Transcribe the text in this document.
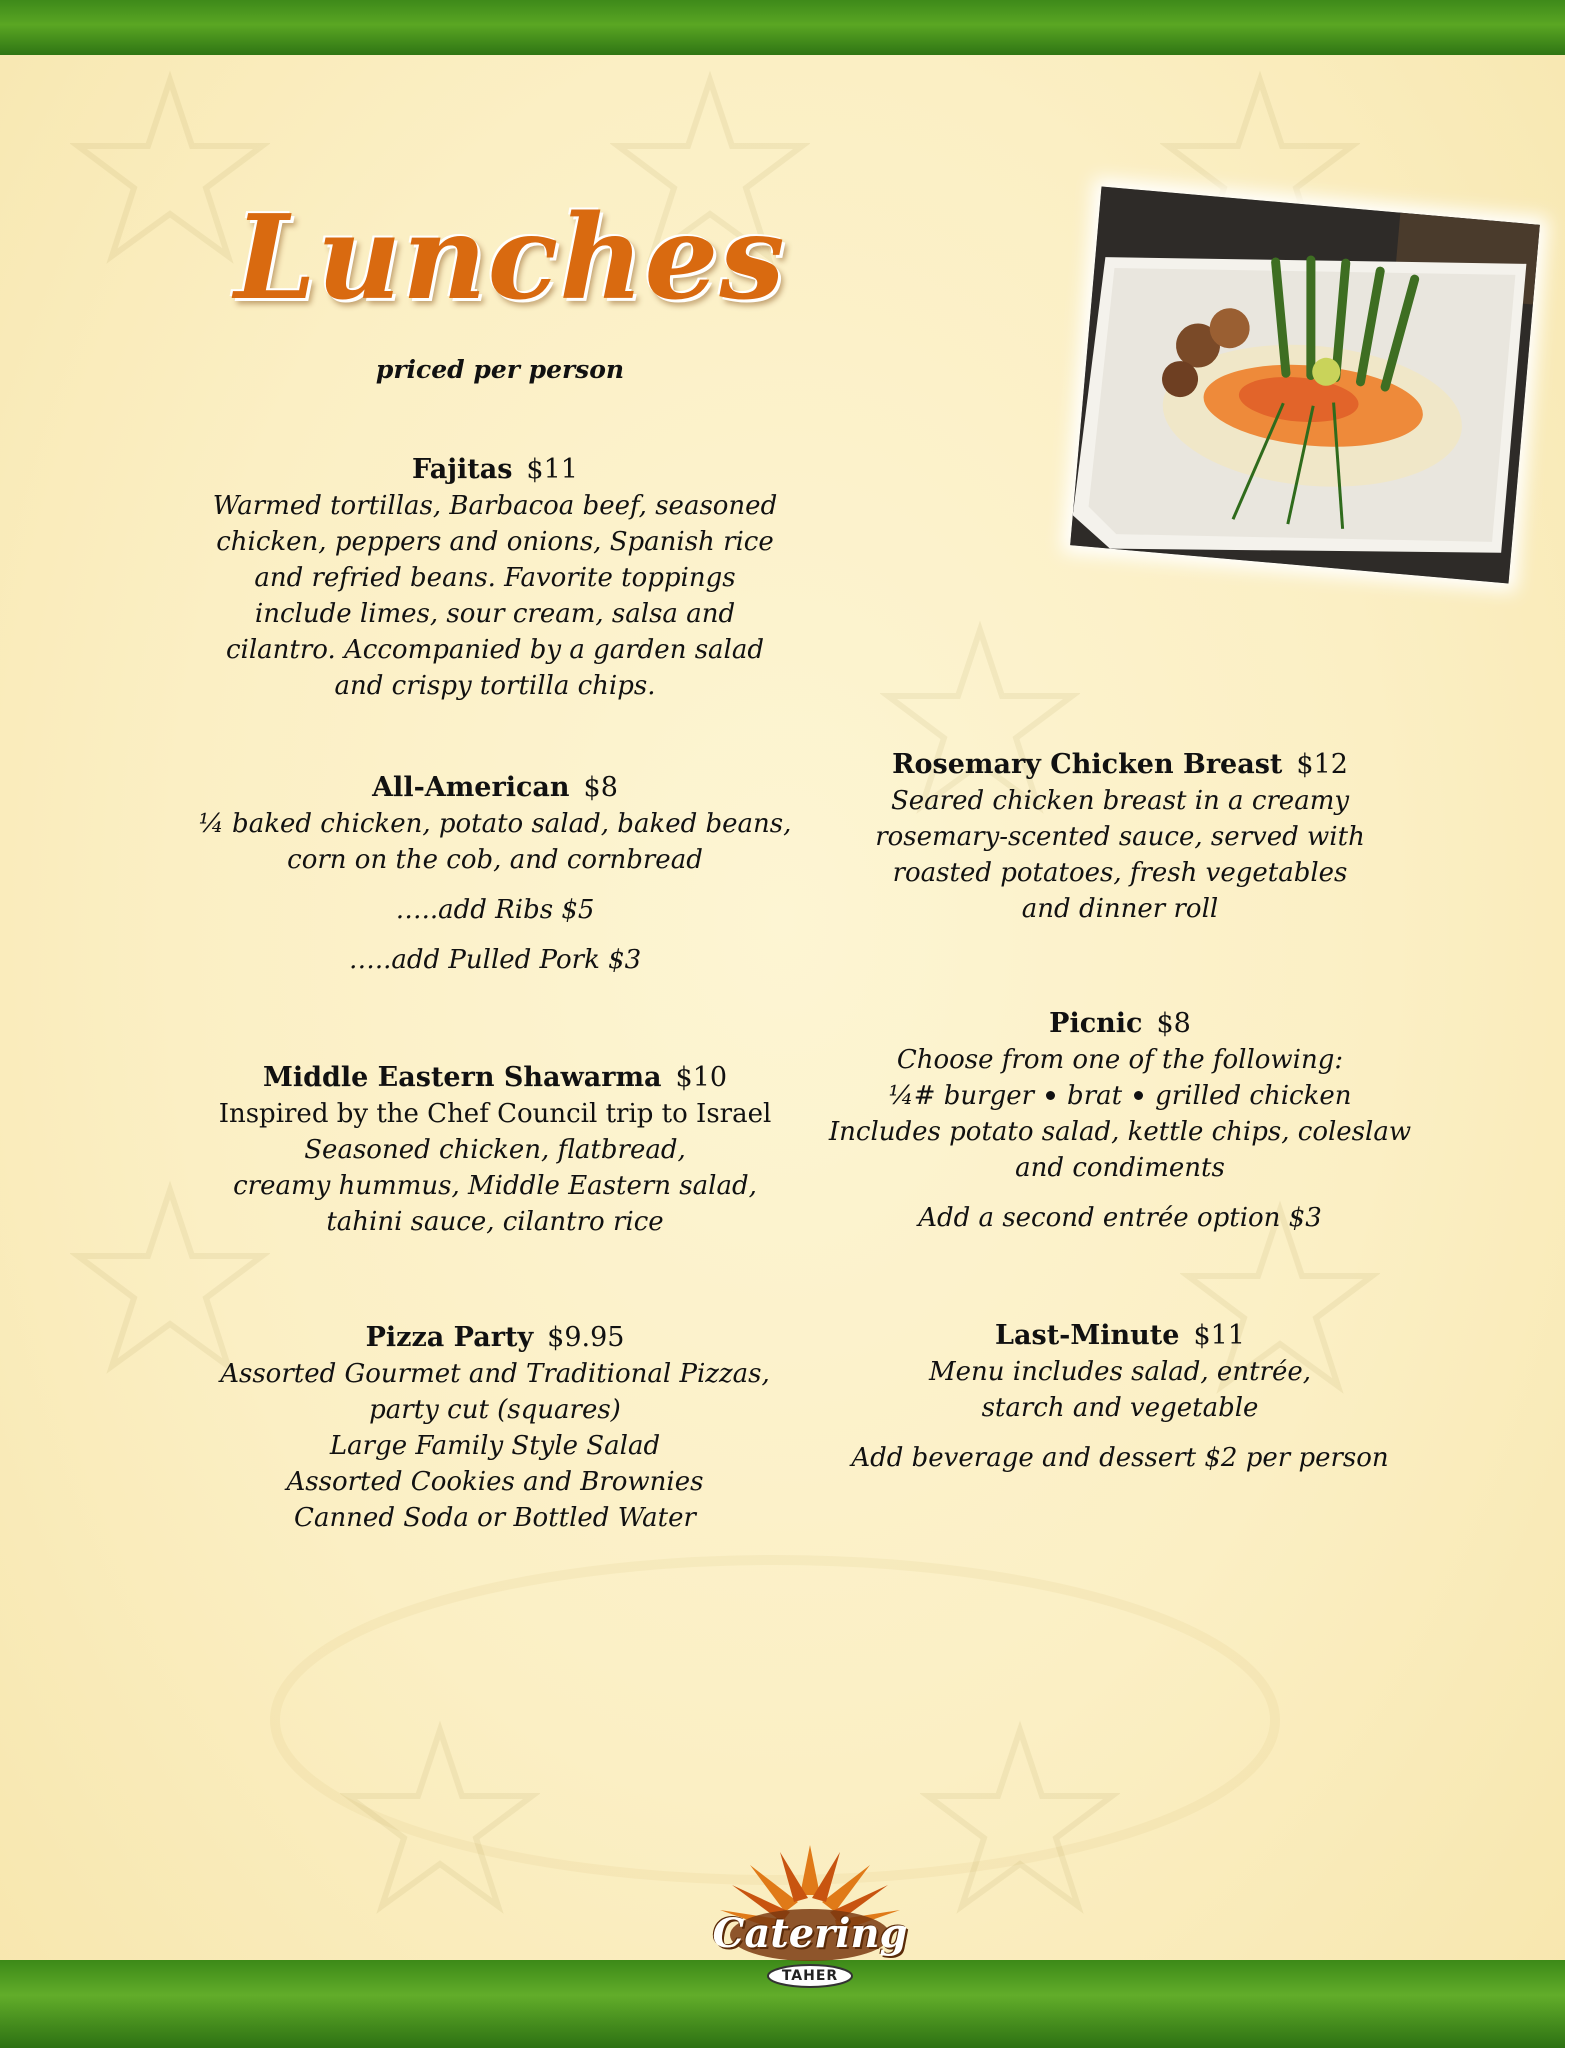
Lunches
priced per person
Fajitas $11
Warmed tortillas, Barbacoa beef, seasoned
chicken, peppers and onions, Spanish rice
and refried beans. Favorite toppings
include limes, sour cream, salsa and
cilantro. Accompanied by a garden salad
and crispy tortilla chips.
All-American $8
¼ baked chicken, potato salad, baked beans,
corn on the cob, and cornbread
…..add Ribs $5
…..add Pulled Pork $3
Middle Eastern Shawarma $10
Inspired by the Chef Council trip to Israel
Seasoned chicken, flatbread,
creamy hummus, Middle Eastern salad,
tahini sauce, cilantro rice
Pizza Party $9.95
Assorted Gourmet and Traditional Pizzas,
party cut (squares)
Large Family Style Salad
Assorted Cookies and Brownies
Canned Soda or Bottled Water
Rosemary Chicken Breast $12
Seared chicken breast in a creamy
rosemary-scented sauce, served with
roasted potatoes, fresh vegetables
and dinner roll
Picnic $8
Choose from one of the following:
¼# burger brat grilled chicken
Includes potato salad, kettle chips, coleslaw
and condiments
Add a second entrée option $3
Last-Minute $11
Menu includes salad, entrée,
starch and vegetable
Add beverage and dessert $2 per person
Catering
TAHER
